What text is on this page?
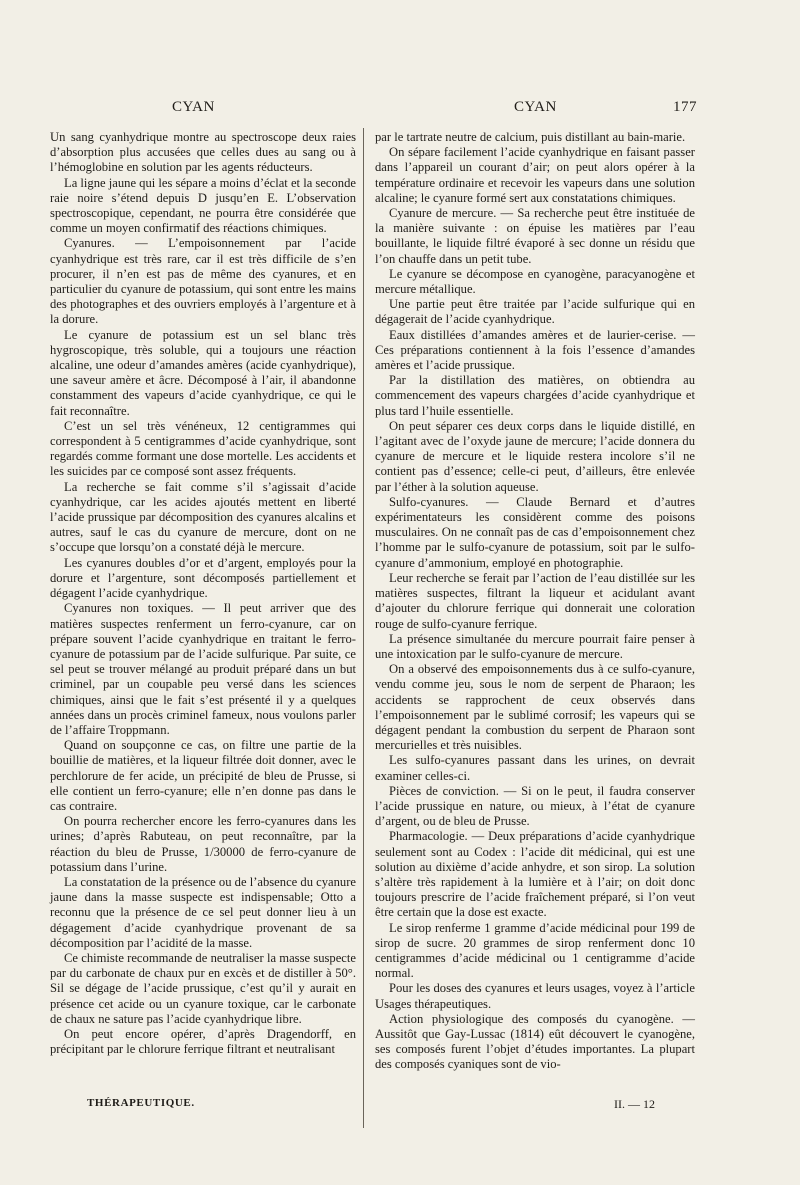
CYAN	CYAN	177

Un sang cyanhydrique montre au spectroscope deux raies d’absorption plus accusées que celles dues au sang ou à l’hémoglobine en solution par les agents réducteurs.

La ligne jaune qui les sépare a moins d’éclat et la seconde raie noire s’étend depuis D jusqu’en E. L’observation spectroscopique, cependant, ne pourra être considérée que comme un moyen confirmatif des réactions chimiques.

Cyanures. — L’empoisonnement par l’acide cyanhydrique est très rare, car il est très difficile de s’en procurer, il n’en est pas de même des cyanures, et en particulier du cyanure de potassium, qui sont entre les mains des photographes et des ouvriers employés à l’argenture et à la dorure.

Le cyanure de potassium est un sel blanc très hygroscopique, très soluble, qui a toujours une réaction alcaline, une odeur d’amandes amères (acide cyanhydrique), une saveur amère et âcre. Décomposé à l’air, il abandonne constamment des vapeurs d’acide cyanhydrique, ce qui le fait reconnaître.

C’est un sel très vénéneux, 12 centigrammes qui correspondent à 5 centigrammes d’acide cyanhydrique, sont regardés comme formant une dose mortelle. Les accidents et les suicides par ce composé sont assez fréquents.

La recherche se fait comme s’il s’agissait d’acide cyanhydrique, car les acides ajoutés mettent en liberté l’acide prussique par décomposition des cyanures alcalins et autres, sauf le cas du cyanure de mercure, dont on ne s’occupe que lorsqu’on a constaté déjà le mercure.

Les cyanures doubles d’or et d’argent, employés pour la dorure et l’argenture, sont décomposés partiellement et dégagent l’acide cyanhydrique.

Cyanures non toxiques. — Il peut arriver que des matières suspectes renferment un ferro-cyanure, car on prépare souvent l’acide cyanhydrique en traitant le ferro-cyanure de potassium par de l’acide sulfurique. Par suite, ce sel peut se trouver mélangé au produit préparé dans un but criminel, par un coupable peu versé dans les sciences chimiques, ainsi que le fait s’est présenté il y a quelques années dans un procès criminel fameux, nous voulons parler de l’affaire Troppmann.

Quand on soupçonne ce cas, on filtre une partie de la bouillie de matières, et la liqueur filtrée doit donner, avec le perchlorure de fer acide, un précipité de bleu de Prusse, si elle contient un ferro-cyanure; elle n’en donne pas dans le cas contraire.

On pourra rechercher encore les ferro-cyanures dans les urines; d’après Rabuteau, on peut reconnaître, par la réaction du bleu de Prusse, 1/30000 de ferro-cyanure de potassium dans l’urine.

La constatation de la présence ou de l’absence du cyanure jaune dans la masse suspecte est indispensable; Otto a reconnu que la présence de ce sel peut donner lieu à un dégagement d’acide cyanhydrique provenant de sa décomposition par l’acidité de la masse.

Ce chimiste recommande de neutraliser la masse suspecte par du carbonate de chaux pur en excès et de distiller à 50°. Sil se dégage de l’acide prussique, c’est qu’il y aurait en présence cet acide ou un cyanure toxique, car le carbonate de chaux ne sature pas l’acide cyanhydrique libre.

On peut encore opérer, d’après Dragendorff, en précipitant par le chlorure ferrique filtrant et neutralisant

par le tartrate neutre de calcium, puis distillant au bain-marie.

On sépare facilement l’acide cyanhydrique en faisant passer dans l’appareil un courant d’air; on peut alors opérer à la température ordinaire et recevoir les vapeurs dans une solution alcaline; le cyanure formé sert aux constatations chimiques.

Cyanure de mercure. — Sa recherche peut être instituée de la manière suivante : on épuise les matières par l’eau bouillante, le liquide filtré évaporé à sec donne un résidu que l’on chauffe dans un petit tube.

Le cyanure se décompose en cyanogène, paracyanogène et mercure métallique.

Une partie peut être traitée par l’acide sulfurique qui en dégagerait de l’acide cyanhydrique.

Eaux distillées d’amandes amères et de laurier-cerise. — Ces préparations contiennent à la fois l’essence d’amandes amères et l’acide prussique.

Par la distillation des matières, on obtiendra au commencement des vapeurs chargées d’acide cyanhydrique et plus tard l’huile essentielle.

On peut séparer ces deux corps dans le liquide distillé, en l’agitant avec de l’oxyde jaune de mercure; l’acide donnera du cyanure de mercure et le liquide restera incolore s’il ne contient pas d’essence; celle-ci peut, d’ailleurs, être enlevée par l’éther à la solution aqueuse.

Sulfo-cyanures. — Claude Bernard et d’autres expérimentateurs les considèrent comme des poisons musculaires. On ne connaît pas de cas d’empoisonnement chez l’homme par le sulfo-cyanure de potassium, soit par le sulfo-cyanure d’ammonium, employé en photographie.

Leur recherche se ferait par l’action de l’eau distillée sur les matières suspectes, filtrant la liqueur et acidulant avant d’ajouter du chlorure ferrique qui donnerait une coloration rouge de sulfo-cyanure ferrique.

La présence simultanée du mercure pourrait faire penser à une intoxication par le sulfo-cyanure de mercure.

On a observé des empoisonnements dus à ce sulfo-cyanure, vendu comme jeu, sous le nom de serpent de Pharaon; les accidents se rapprochent de ceux observés dans l’empoisonnement par le sublimé corrosif; les vapeurs qui se dégagent pendant la combustion du serpent de Pharaon sont mercurielles et très nuisibles.

Les sulfo-cyanures passant dans les urines, on devrait examiner celles-ci.

Pièces de conviction. — Si on le peut, il faudra conserver l’acide prussique en nature, ou mieux, à l’état de cyanure d’argent, ou de bleu de Prusse.

Pharmacologie. — Deux préparations d’acide cyanhydrique seulement sont au Codex : l’acide dit médicinal, qui est une solution au dixième d’acide anhydre, et son sirop. La solution s’altère très rapidement à la lumière et à l’air; on doit donc toujours prescrire de l’acide fraîchement préparé, si l’on veut être certain que la dose est exacte.

Le sirop renferme 1 gramme d’acide médicinal pour 199 de sirop de sucre. 20 grammes de sirop renferment donc 10 centigrammes d’acide médicinal ou 1 centigramme d’acide normal.

Pour les doses des cyanures et leurs usages, voyez à l’article Usages thérapeutiques.

Action physiologique des composés du cyanogène. — Aussitôt que Gay-Lussac (1814) eût découvert le cyanogène, ses composés furent l’objet d’études importantes. La plupart des composés cyaniques sont de vio-

THÉRAPEUTIQUE.	II. — 12
